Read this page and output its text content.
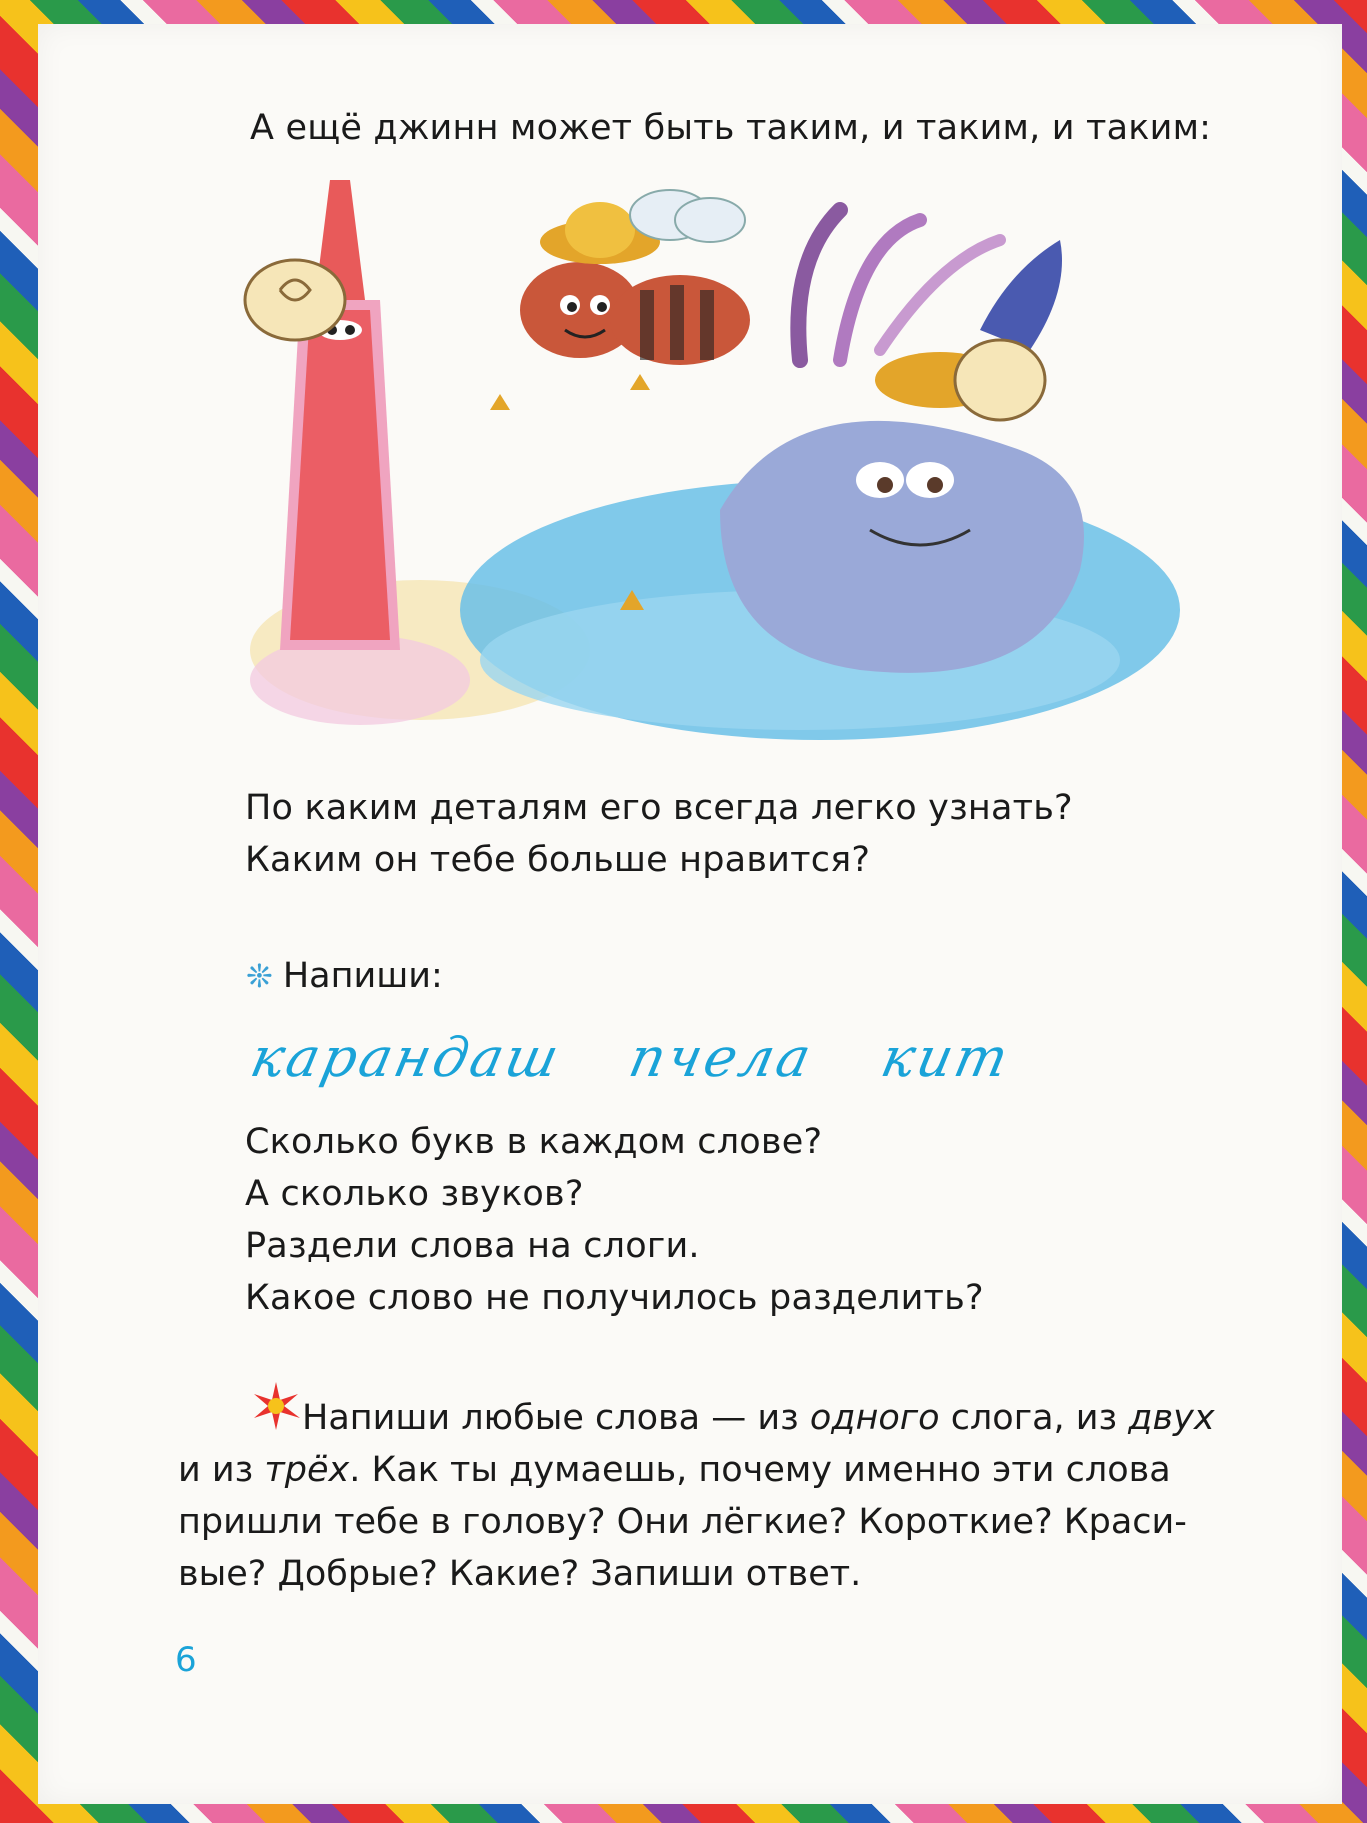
А ещё джинн может быть таким, и таким, и таким:
По каким деталям его всегда легко узнать?
Каким он тебе больше нравится?
❊ Напиши:
карандаш пчела кит
Сколько букв в каждом слове?
А сколько звуков?
Раздели слова на слоги.
Какое слово не получилось разделить?
Напиши любые слова — из одного слога, из двух
и из трёх. Как ты думаешь, почему именно эти слова
пришли тебе в голову? Они лёгкие? Короткие? Краси-
вые? Добрые? Какие? Запиши ответ.
6
